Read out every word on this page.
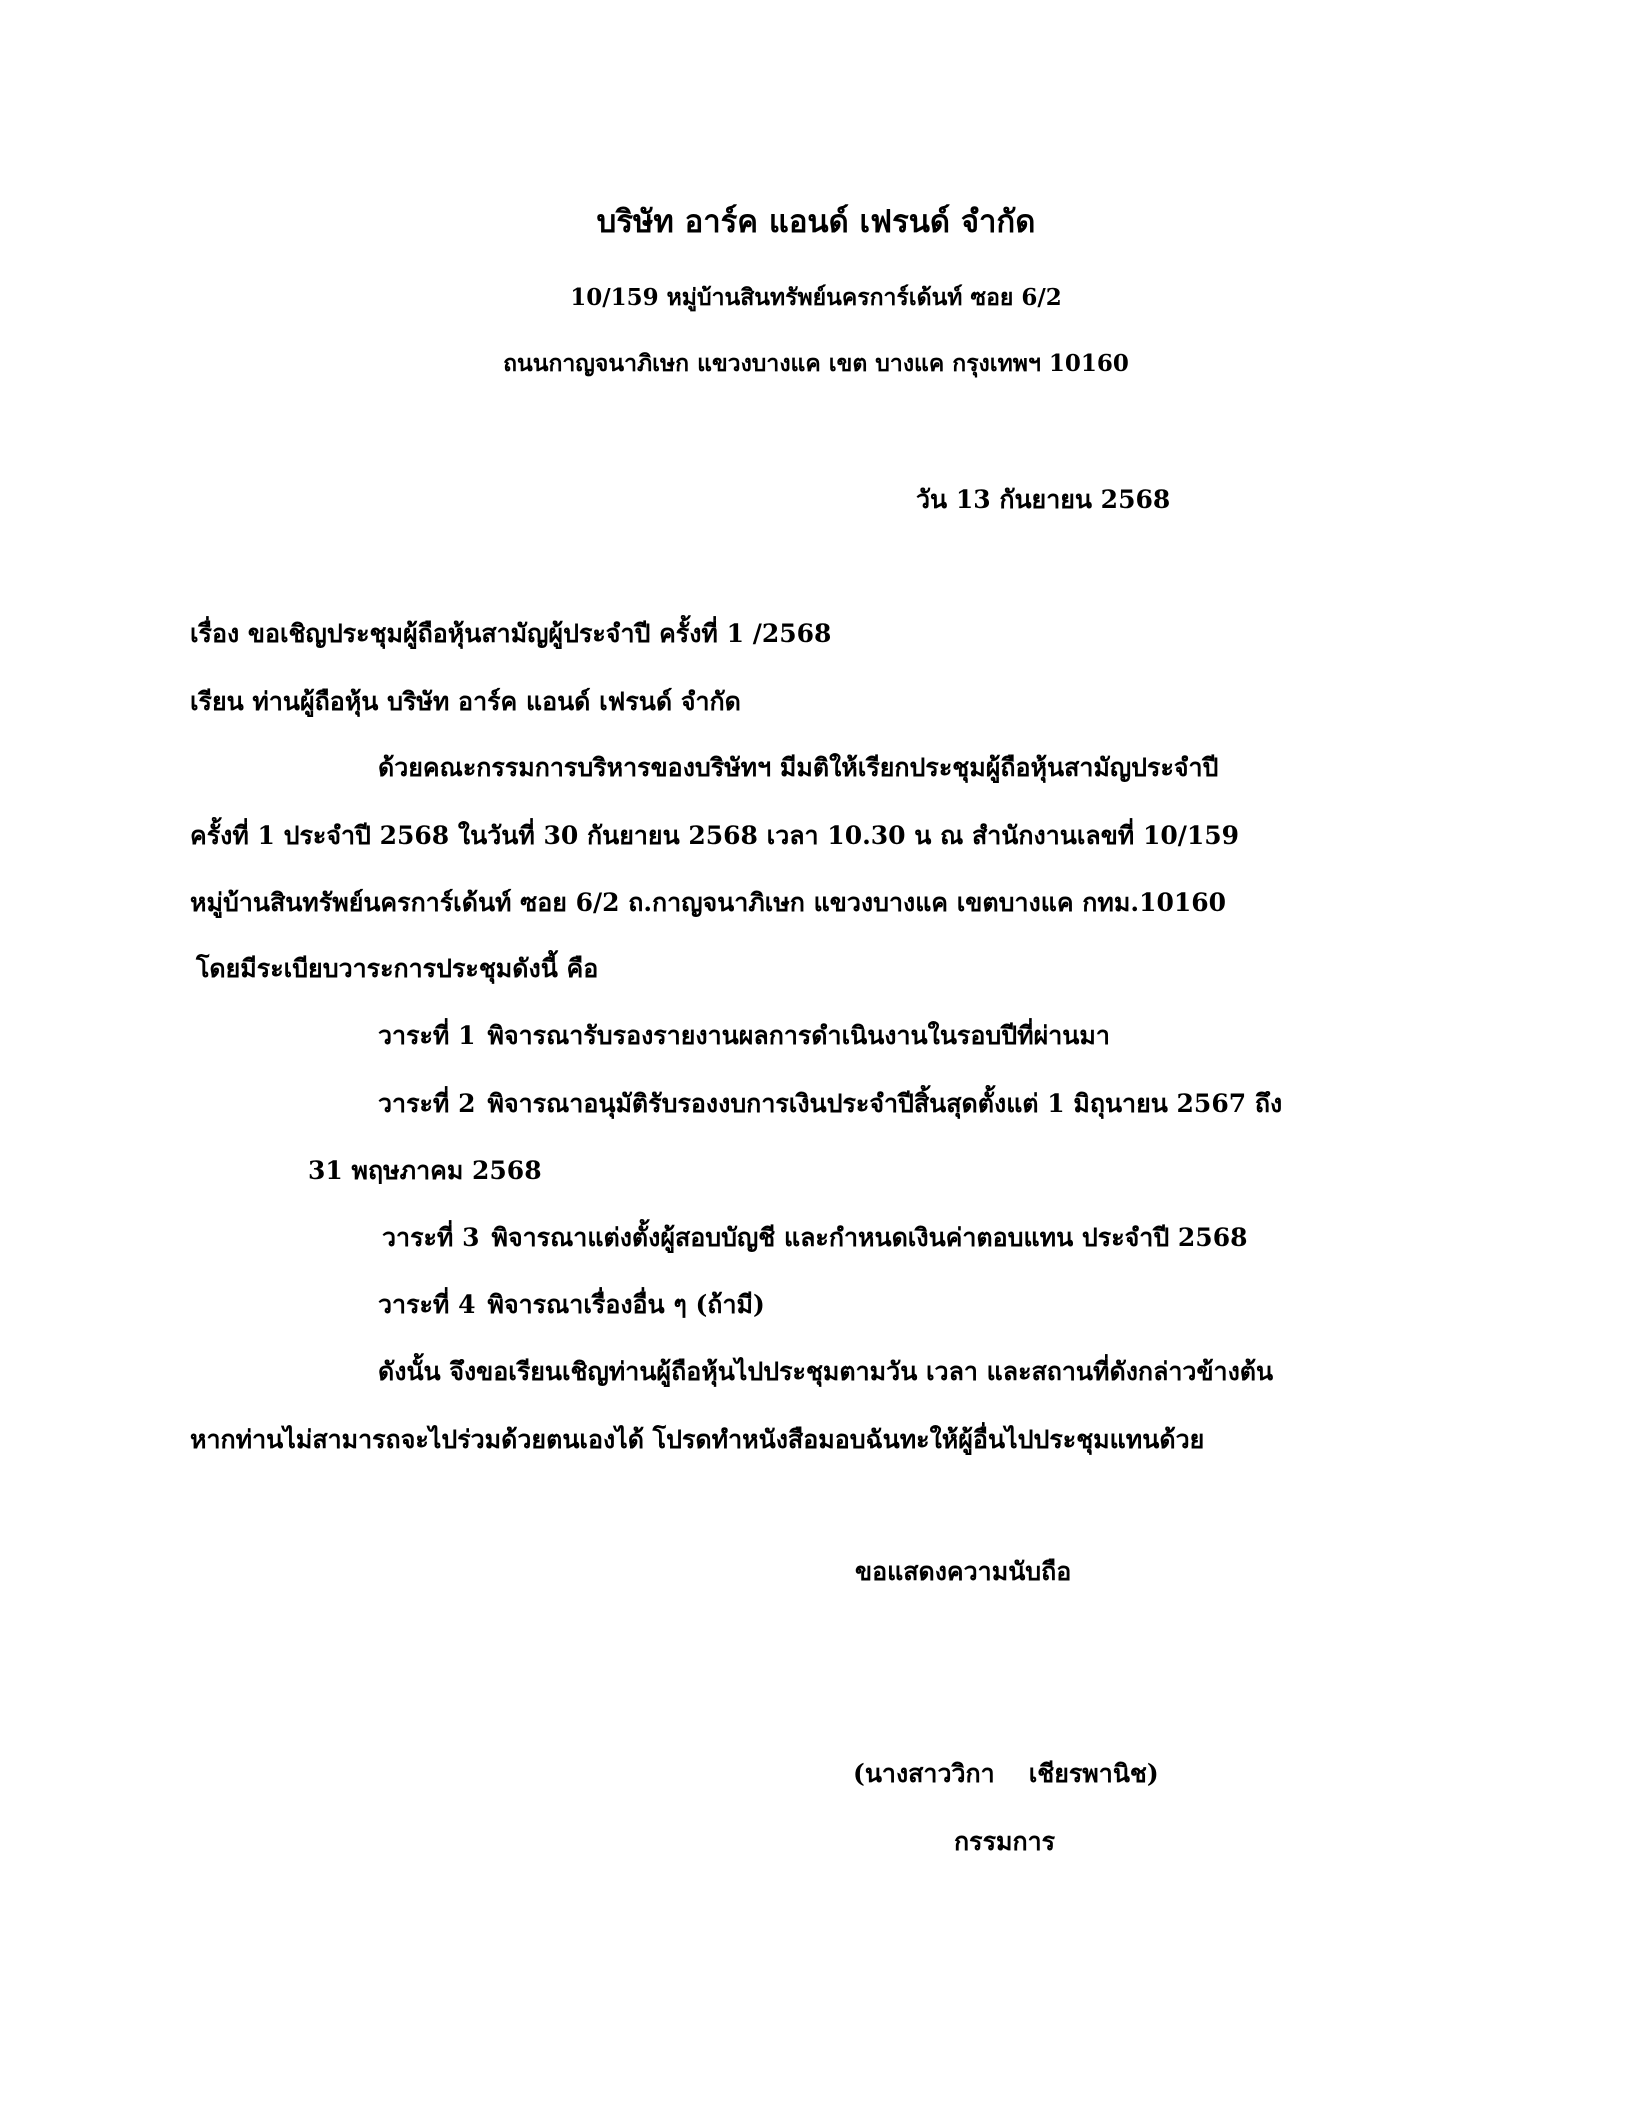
บริษัท อาร์ค แอนด์ เฟรนด์ จำกัด
10/159 หมู่บ้านสินทรัพย์นครการ์เด้นท์ ซอย 6/2
ถนนกาญจนาภิเษก แขวงบางแค เขต บางแค กรุงเทพฯ 10160
วัน 13 กันยายน 2568
เรื่อง ขอเชิญประชุมผู้ถือหุ้นสามัญผู้ประจำปี ครั้งที่ 1 /2568
เรียน ท่านผู้ถือหุ้น บริษัท อาร์ค แอนด์ เฟรนด์ จำกัด
ด้วยคณะกรรมการบริหารของบริษัทฯ มีมติให้เรียกประชุมผู้ถือหุ้นสามัญประจำปี
ครั้งที่ 1 ประจำปี 2568 ในวันที่ 30 กันยายน 2568 เวลา 10.30 น ณ สำนักงานเลขที่ 10/159
หมู่บ้านสินทรัพย์นครการ์เด้นท์ ซอย 6/2 ถ.กาญจนาภิเษก แขวงบางแค เขตบางแค กทม.10160
โดยมีระเบียบวาระการประชุมดังนี้ คือ
วาระที่ 1 พิจารณารับรองรายงานผลการดำเนินงานในรอบปีที่ผ่านมา
วาระที่ 2 พิจารณาอนุมัติรับรองงบการเงินประจำปีสิ้นสุดตั้งแต่ 1 มิถุนายน 2567 ถึง
31 พฤษภาคม 2568
วาระที่ 3 พิจารณาแต่งตั้งผู้สอบบัญชี และกำหนดเงินค่าตอบแทน ประจำปี 2568
วาระที่ 4 พิจารณาเรื่องอื่น ๆ (ถ้ามี)
ดังนั้น จึงขอเรียนเชิญท่านผู้ถือหุ้นไปประชุมตามวัน เวลา และสถานที่ดังกล่าวข้างต้น
หากท่านไม่สามารถจะไปร่วมด้วยตนเองได้ โปรดทำหนังสือมอบฉันทะให้ผู้อื่นไปประชุมแทนด้วย
ขอแสดงความนับถือ
(นางสาววิกา เชียรพานิช)
กรรมการ
